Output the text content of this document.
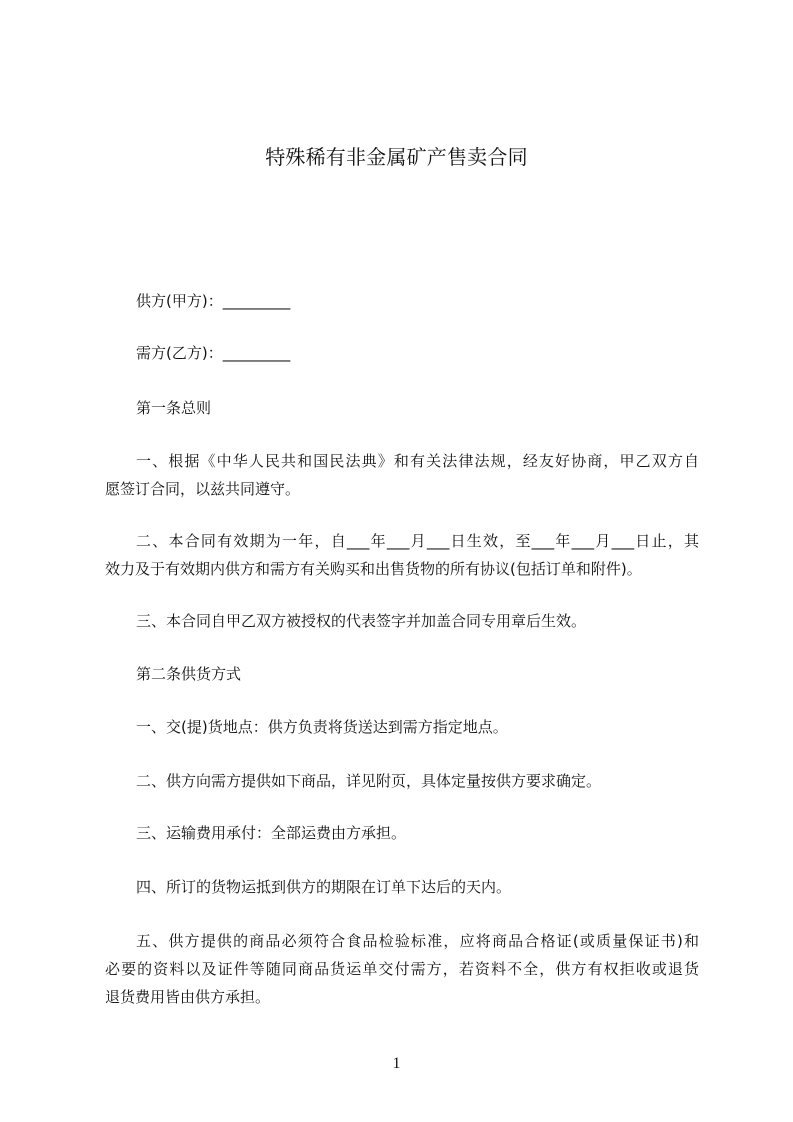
特殊稀有非金属矿产售卖合同
供方(甲方)：_________
需方(乙方)：_________
第一条总则
一、根据《中华人民共和国民法典》和有关法律法规，经友好协商，甲乙双方自
愿签订合同，以兹共同遵守。
二、本合同有效期为一年，自___年___月___日生效，至___年___月___日止，其
效力及于有效期内供方和需方有关购买和出售货物的所有协议(包括订单和附件)。
三、本合同自甲乙双方被授权的代表签字并加盖合同专用章后生效。
第二条供货方式
一、交(提)货地点：供方负责将货送达到需方指定地点。
二、供方向需方提供如下商品，详见附页，具体定量按供方要求确定。
三、运输费用承付：全部运费由方承担。
四、所订的货物运抵到供方的期限在订单下达后的天内。
五、供方提供的商品必须符合食品检验标准，应将商品合格证(或质量保证书)和
必要的资料以及证件等随同商品货运单交付需方，若资料不全，供方有权拒收或退货
退货费用皆由供方承担。
1
